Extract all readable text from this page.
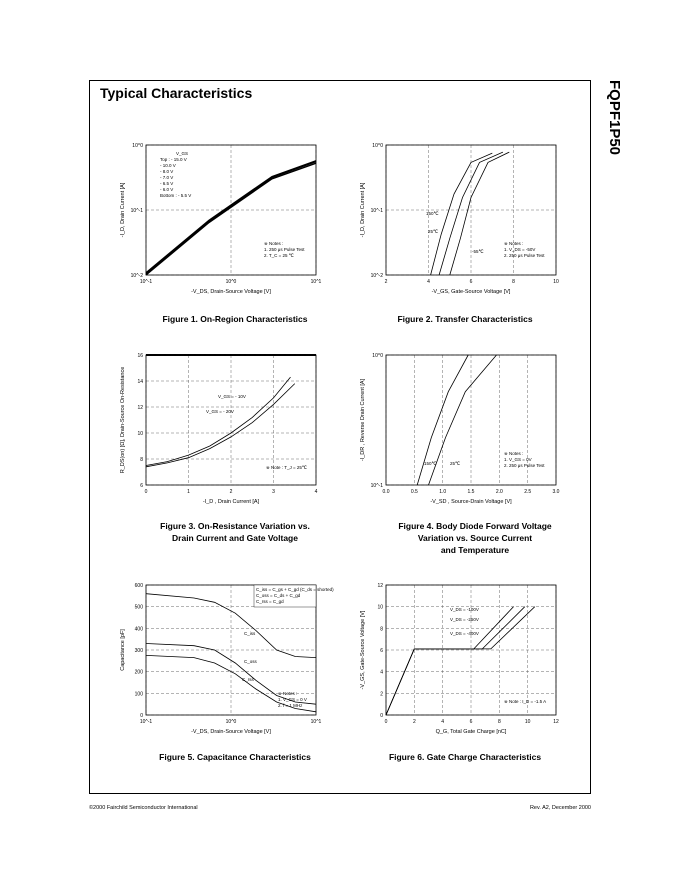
Typical Characteristics	FQPF1P50
10^-1	10^0	10^1
10^-2
10^-1
10^0
-V_DS, Drain-Source Voltage [V]
-I_D, Drain Current [A]
V_GS
Top : - 15.0 V
- 10.0 V
- 8.0 V
- 7.0 V
- 6.5 V
- 6.0 V
Bottom : - 5.5 V
※ Notes :
1. 250 μs Pulse Test
2. T_C = 25 ℃
2	4	6	8	10
10^-2
10^-1
10^0
-V_GS, Gate-Source Voltage [V]
-I_D, Drain Current [A]	150℃
25℃
-55℃
※ Notes :
1. V_DS = -50V
2. 250 μs Pulse Test
0	1	2	3	4
6
8
10
12
14
16
-I_D , Drain Current [A]
R_DS(on) [Ω], Drain-Source On-Resistance	V_GS = - 10V
V_GS = - 20V
※ Note : T_J = 25℃
0.0	0.5	1.0	1.5	2.0	2.5	3.0
10^-1
10^0
-V_SD , Source-Drain Voltage [V]
-I_DR , Reverse Drain Current [A]
150℃	25℃
※ Notes :
1. V_GS = 0V
2. 250 μs Pulse Test
10^-1	10^0	10^1
0
100
200
300
400
500
600
-V_DS, Drain-Source Voltage [V]
Capacitance [pF]
C_iss = C_gs + C_gd (C_ds = shorted)
C_oss = C_ds + C_gd
C_rss = C_gd
C_iss
C_oss
C_rss
※ Notes :
1. V_GS = 0 V
2. f = 1 MHz
0	2	4	6	8	10	12
0
2
4
6
8
10
12
Q_G, Total Gate Charge [nC]
-V_GS, Gate-Source Voltage [V]
V_DS = -100V
V_DS = -250V
V_DS = -400V
※ Note : I_D = -1.5 A
Figure 1. On-Region Characteristics	Figure 2. Transfer Characteristics
Figure 3. On-Resistance Variation vs.
Drain Current and Gate Voltage
Figure 4. Body Diode Forward Voltage
Variation vs. Source Current
and Temperature
Figure 5. Capacitance Characteristics	Figure 6. Gate Charge Characteristics
©2000 Fairchild Semiconductor International	Rev. A2, December 2000
